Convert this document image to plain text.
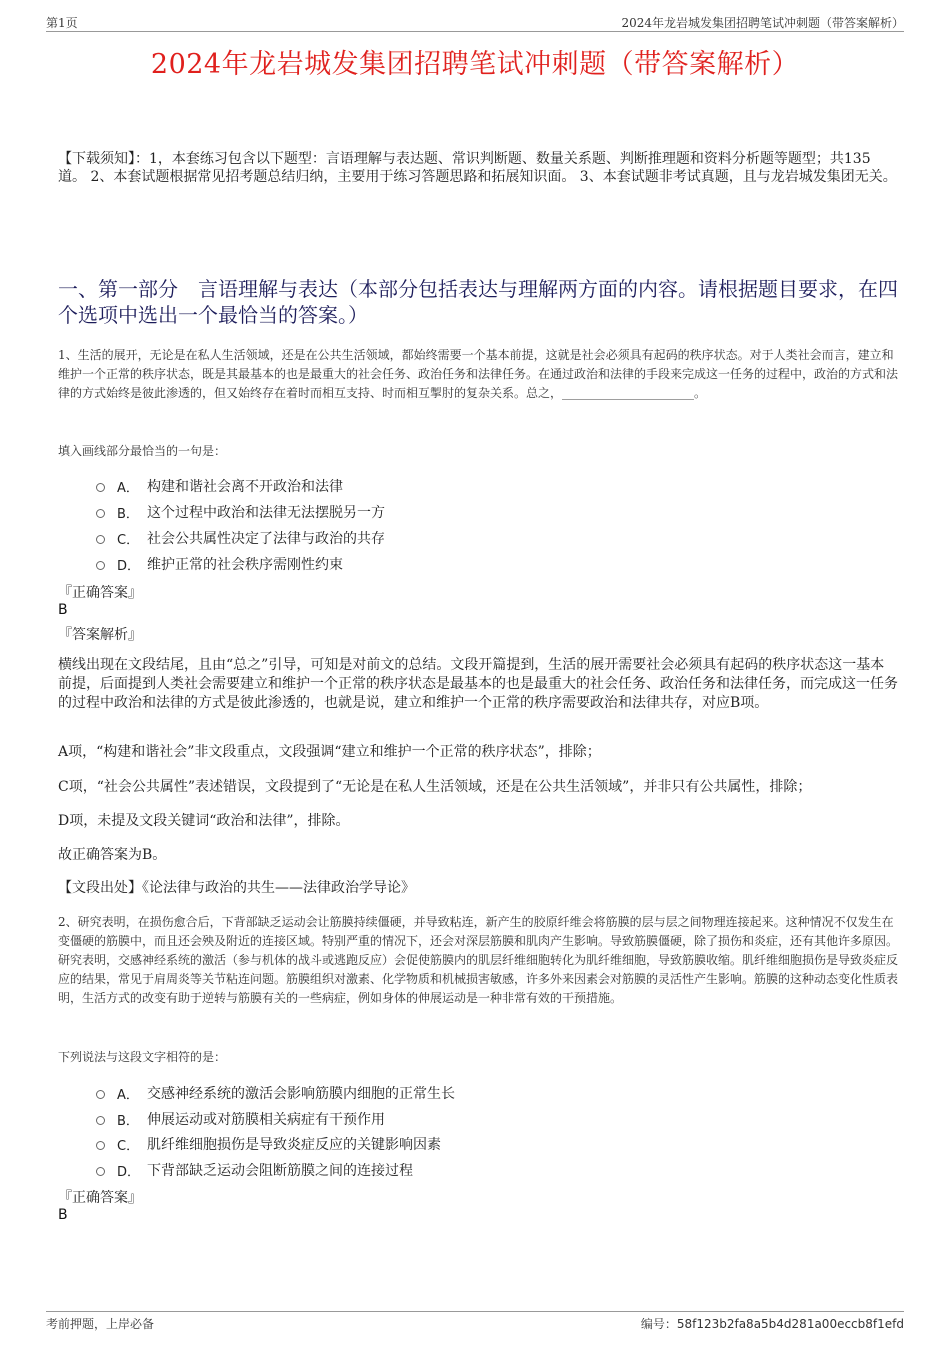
第1页	2024年龙岩城发集团招聘笔试冲刺题（带答案解析）
2024年龙岩城发集团招聘笔试冲刺题（带答案解析）
【下载须知】：1，本套练习包含以下题型：言语理解与表达题、常识判断题、数量关系题、判断推理题和资料分析题等题型；共135道。 2、本套试题根据常见招考题总结归纳，主要用于练习答题思路和拓展知识面。 3、本套试题非考试真题，且与龙岩城发集团无关。
一、第一部分　言语理解与表达（本部分包括表达与理解两方面的内容。请根据题目要求，在四个选项中选出一个最恰当的答案。）
1、生活的展开，无论是在私人生活领域，还是在公共生活领域，都始终需要一个基本前提，这就是社会必须具有起码的秩序状态。对于人类社会而言，建立和维护一个正常的秩序状态，既是其最基本的也是最重大的社会任务、政治任务和法律任务。在通过政治和法律的手段来完成这一任务的过程中，政治的方式和法律的方式始终是彼此渗透的，但又始终存在着时而相互支持、时而相互掣肘的复杂关系。总之，______________________。
填入画线部分最恰当的一句是：
A． 构建和谐社会离不开政治和法律
B． 这个过程中政治和法律无法摆脱另一方
C． 社会公共属性决定了法律与政治的共存
D． 维护正常的社会秩序需刚性约束
『正确答案』
B
『答案解析』
横线出现在文段结尾，且由“总之”引导，可知是对前文的总结。文段开篇提到，生活的展开需要社会必须具有起码的秩序状态这一基本前提，后面提到人类社会需要建立和维护一个正常的秩序状态是最基本的也是最重大的社会任务、政治任务和法律任务，而完成这一任务的过程中政治和法律的方式是彼此渗透的，也就是说，建立和维护一个正常的秩序需要政治和法律共存，对应B项。
A项，“构建和谐社会”非文段重点，文段强调“建立和维护一个正常的秩序状态”，排除；
C项，“社会公共属性”表述错误，文段提到了“无论是在私人生活领域，还是在公共生活领域”，并非只有公共属性，排除；
D项，未提及文段关键词“政治和法律”，排除。
故正确答案为B。
【文段出处】《论法律与政治的共生——法律政治学导论》
2、研究表明，在损伤愈合后，下背部缺乏运动会让筋膜持续僵硬，并导致粘连，新产生的胶原纤维会将筋膜的层与层之间物理连接起来。这种情况不仅发生在变僵硬的筋膜中，而且还会殃及附近的连接区域。特别严重的情况下，还会对深层筋膜和肌肉产生影响。导致筋膜僵硬，除了损伤和炎症，还有其他许多原因。研究表明，交感神经系统的激活（参与机体的战斗或逃跑反应）会促使筋膜内的肌层纤维细胞转化为肌纤维细胞，导致筋膜收缩。肌纤维细胞损伤是导致炎症反应的结果，常见于肩周炎等关节粘连问题。筋膜组织对激素、化学物质和机械损害敏感，许多外来因素会对筋膜的灵活性产生影响。筋膜的这种动态变化性质表明，生活方式的改变有助于逆转与筋膜有关的一些病症，例如身体的伸展运动是一种非常有效的干预措施。
下列说法与这段文字相符的是：
A． 交感神经系统的激活会影响筋膜内细胞的正常生长
B． 伸展运动或对筋膜相关病症有干预作用
C． 肌纤维细胞损伤是导致炎症反应的关键影响因素
D． 下背部缺乏运动会阻断筋膜之间的连接过程
『正确答案』
B
考前押题，上岸必备	编号：58f123b2fa8a5b4d281a00eccb8f1efd
